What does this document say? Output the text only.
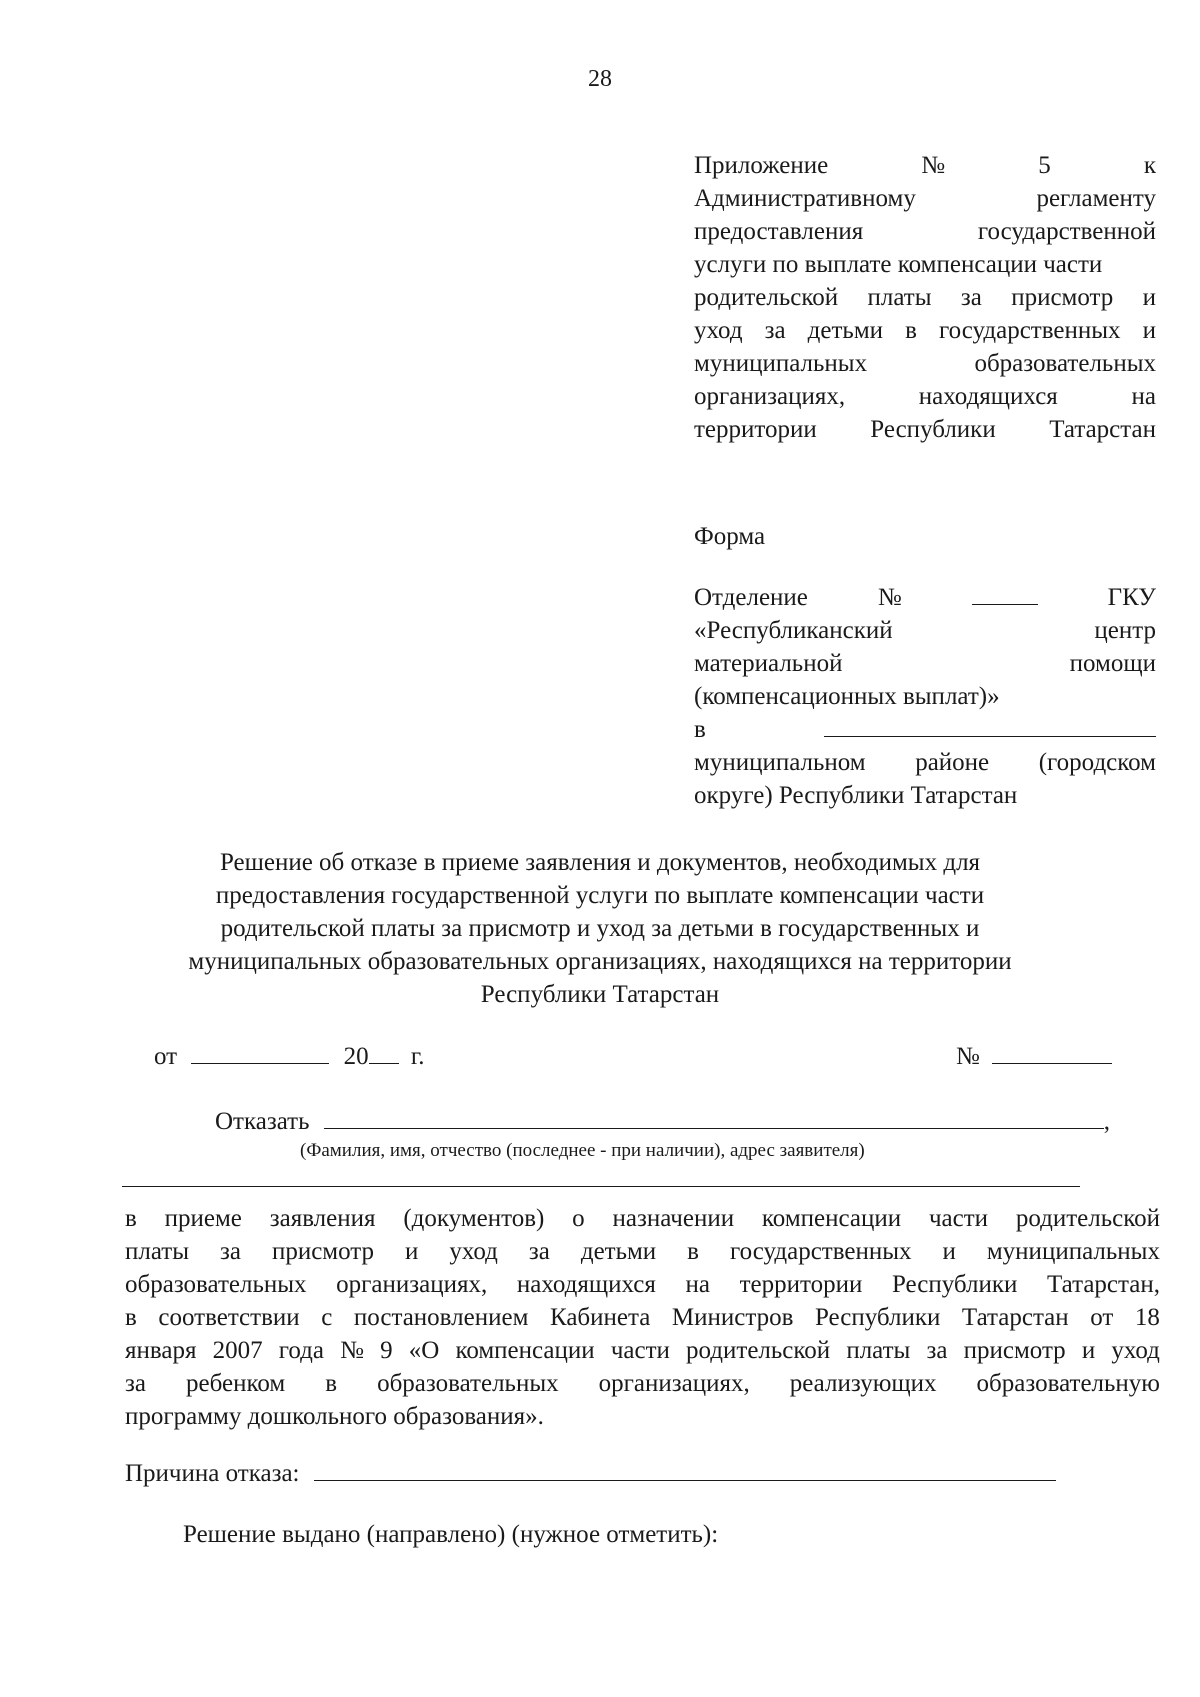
28
Приложение	№	5	к
Административному	регламенту
предоставления	государственной
услуги по выплате компенсации части
родительской платы за присмотр и
уход за детьми в государственных и
муниципальных	образовательных
организациях,	находящихся	на
территории Республики Татарстан
Форма
Отделение	№	ГКУ
«Республиканский	центр
материальной	помощи
(компенсационных выплат)»
в
муниципальном районе (городском
округе) Республики Татарстан
Решение об отказе в приеме заявления и документов, необходимых для
предоставления государственной услуги по выплате компенсации части
родительской платы за присмотр и уход за детьми в государственных и
муниципальных образовательных организациях, находящихся на территории
Республики Татарстан
от	20 г.	№
Отказать	,
(Фамилия, имя, отчество (последнее - при наличии), адрес заявителя)
в приеме заявления (документов) о назначении компенсации части родительской
платы за присмотр и уход за детьми в государственных и муниципальных
образовательных организациях, находящихся на территории Республики Татарстан,
в соответствии с постановлением Кабинета Министров Республики Татарстан от 18
января 2007 года № 9 «О компенсации части родительской платы за присмотр и уход
за ребенком в образовательных организациях, реализующих образовательную
программу дошкольного образования».
Причина отказа:
Решение выдано (направлено) (нужное отметить):
